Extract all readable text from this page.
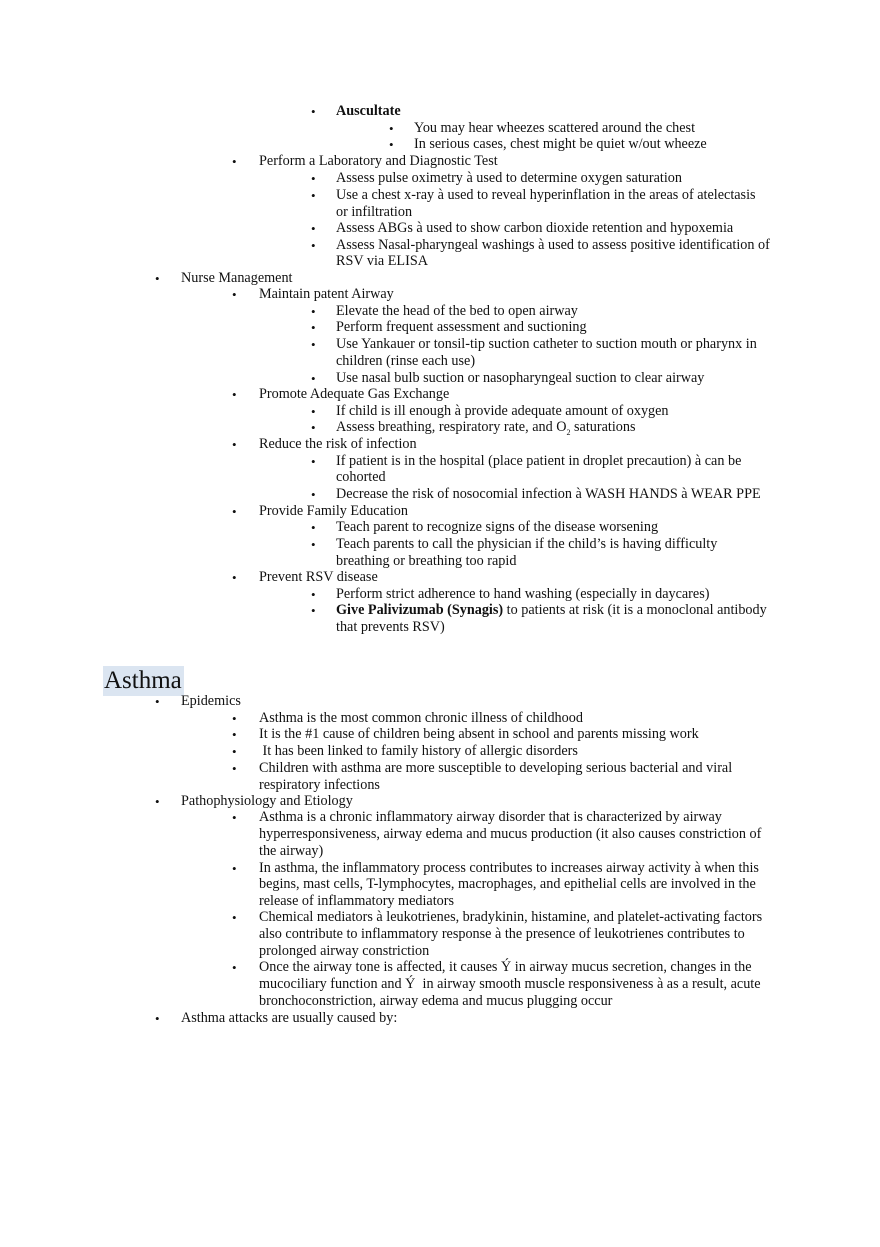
• Auscultate
• You may hear wheezes scattered around the chest
• In serious cases, chest might be quiet w/out wheeze
• Perform a Laboratory and Diagnostic Test
• Assess pulse oximetry à used to determine oxygen saturation
• Use a chest x-ray à used to reveal hyperinflation in the areas of atelectasis
or infiltration
• Assess ABGs à used to show carbon dioxide retention and hypoxemia
• Assess Nasal-pharyngeal washings à used to assess positive identification of
RSV via ELISA
• Nurse Management
• Maintain patent Airway
• Elevate the head of the bed to open airway
• Perform frequent assessment and suctioning
• Use Yankauer or tonsil-tip suction catheter to suction mouth or pharynx in
children (rinse each use)
• Use nasal bulb suction or nasopharyngeal suction to clear airway
• Promote Adequate Gas Exchange
• If child is ill enough à provide adequate amount of oxygen
• Assess breathing, respiratory rate, and $O_2$ saturations
• Reduce the risk of infection
• If patient is in the hospital (place patient in droplet precaution) à can be
cohorted
• Decrease the risk of nosocomial infection à WASH HANDS à WEAR PPE
• Provide Family Education
• Teach parent to recognize signs of the disease worsening
• Teach parents to call the physician if the child’s is having difficulty
breathing or breathing too rapid
• Prevent RSV disease
• Perform strict adherence to hand washing (especially in daycares)
• Give Palivizumab (Synagis) to patients at risk (it is a monoclonal antibody
that prevents RSV)
Asthma
• Epidemics
• Asthma is the most common chronic illness of childhood
• It is the #1 cause of children being absent in school and parents missing work
• It has been linked to family history of allergic disorders
• Children with asthma are more susceptible to developing serious bacterial and viral
respiratory infections
• Pathophysiology and Etiology
• Asthma is a chronic inflammatory airway disorder that is characterized by airway
hyperresponsiveness, airway edema and mucus production (it also causes constriction of
the airway)
• In asthma, the inflammatory process contributes to increases airway activity à when this
begins, mast cells, T-lymphocytes, macrophages, and epithelial cells are involved in the
release of inflammatory mediators
• Chemical mediators à leukotrienes, bradykinin, histamine, and platelet-activating factors
also contribute to inflammatory response à the presence of leukotrienes contributes to
prolonged airway constriction
• Once the airway tone is affected, it causes Ý in airway mucus secretion, changes in the
mucociliary function and Ý  in airway smooth muscle responsiveness à as a result, acute
bronchoconstriction, airway edema and mucus plugging occur
• Asthma attacks are usually caused by:
